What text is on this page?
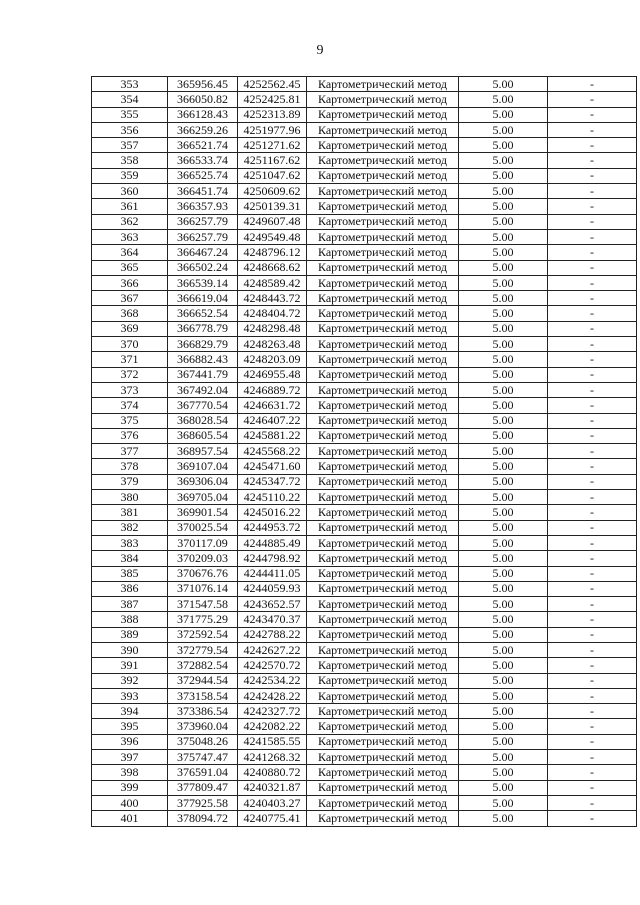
9
353	365956.45	4252562.45	Картометрический метод	5.00	-
354	366050.82	4252425.81	Картометрический метод	5.00	-
355	366128.43	4252313.89	Картометрический метод	5.00	-
356	366259.26	4251977.96	Картометрический метод	5.00	-
357	366521.74	4251271.62	Картометрический метод	5.00	-
358	366533.74	4251167.62	Картометрический метод	5.00	-
359	366525.74	4251047.62	Картометрический метод	5.00	-
360	366451.74	4250609.62	Картометрический метод	5.00	-
361	366357.93	4250139.31	Картометрический метод	5.00	-
362	366257.79	4249607.48	Картометрический метод	5.00	-
363	366257.79	4249549.48	Картометрический метод	5.00	-
364	366467.24	4248796.12	Картометрический метод	5.00	-
365	366502.24	4248668.62	Картометрический метод	5.00	-
366	366539.14	4248589.42	Картометрический метод	5.00	-
367	366619.04	4248443.72	Картометрический метод	5.00	-
368	366652.54	4248404.72	Картометрический метод	5.00	-
369	366778.79	4248298.48	Картометрический метод	5.00	-
370	366829.79	4248263.48	Картометрический метод	5.00	-
371	366882.43	4248203.09	Картометрический метод	5.00	-
372	367441.79	4246955.48	Картометрический метод	5.00	-
373	367492.04	4246889.72	Картометрический метод	5.00	-
374	367770.54	4246631.72	Картометрический метод	5.00	-
375	368028.54	4246407.22	Картометрический метод	5.00	-
376	368605.54	4245881.22	Картометрический метод	5.00	-
377	368957.54	4245568.22	Картометрический метод	5.00	-
378	369107.04	4245471.60	Картометрический метод	5.00	-
379	369306.04	4245347.72	Картометрический метод	5.00	-
380	369705.04	4245110.22	Картометрический метод	5.00	-
381	369901.54	4245016.22	Картометрический метод	5.00	-
382	370025.54	4244953.72	Картометрический метод	5.00	-
383	370117.09	4244885.49	Картометрический метод	5.00	-
384	370209.03	4244798.92	Картометрический метод	5.00	-
385	370676.76	4244411.05	Картометрический метод	5.00	-
386	371076.14	4244059.93	Картометрический метод	5.00	-
387	371547.58	4243652.57	Картометрический метод	5.00	-
388	371775.29	4243470.37	Картометрический метод	5.00	-
389	372592.54	4242788.22	Картометрический метод	5.00	-
390	372779.54	4242627.22	Картометрический метод	5.00	-
391	372882.54	4242570.72	Картометрический метод	5.00	-
392	372944.54	4242534.22	Картометрический метод	5.00	-
393	373158.54	4242428.22	Картометрический метод	5.00	-
394	373386.54	4242327.72	Картометрический метод	5.00	-
395	373960.04	4242082.22	Картометрический метод	5.00	-
396	375048.26	4241585.55	Картометрический метод	5.00	-
397	375747.47	4241268.32	Картометрический метод	5.00	-
398	376591.04	4240880.72	Картометрический метод	5.00	-
399	377809.47	4240321.87	Картометрический метод	5.00	-
400	377925.58	4240403.27	Картометрический метод	5.00	-
401	378094.72	4240775.41	Картометрический метод	5.00	-
